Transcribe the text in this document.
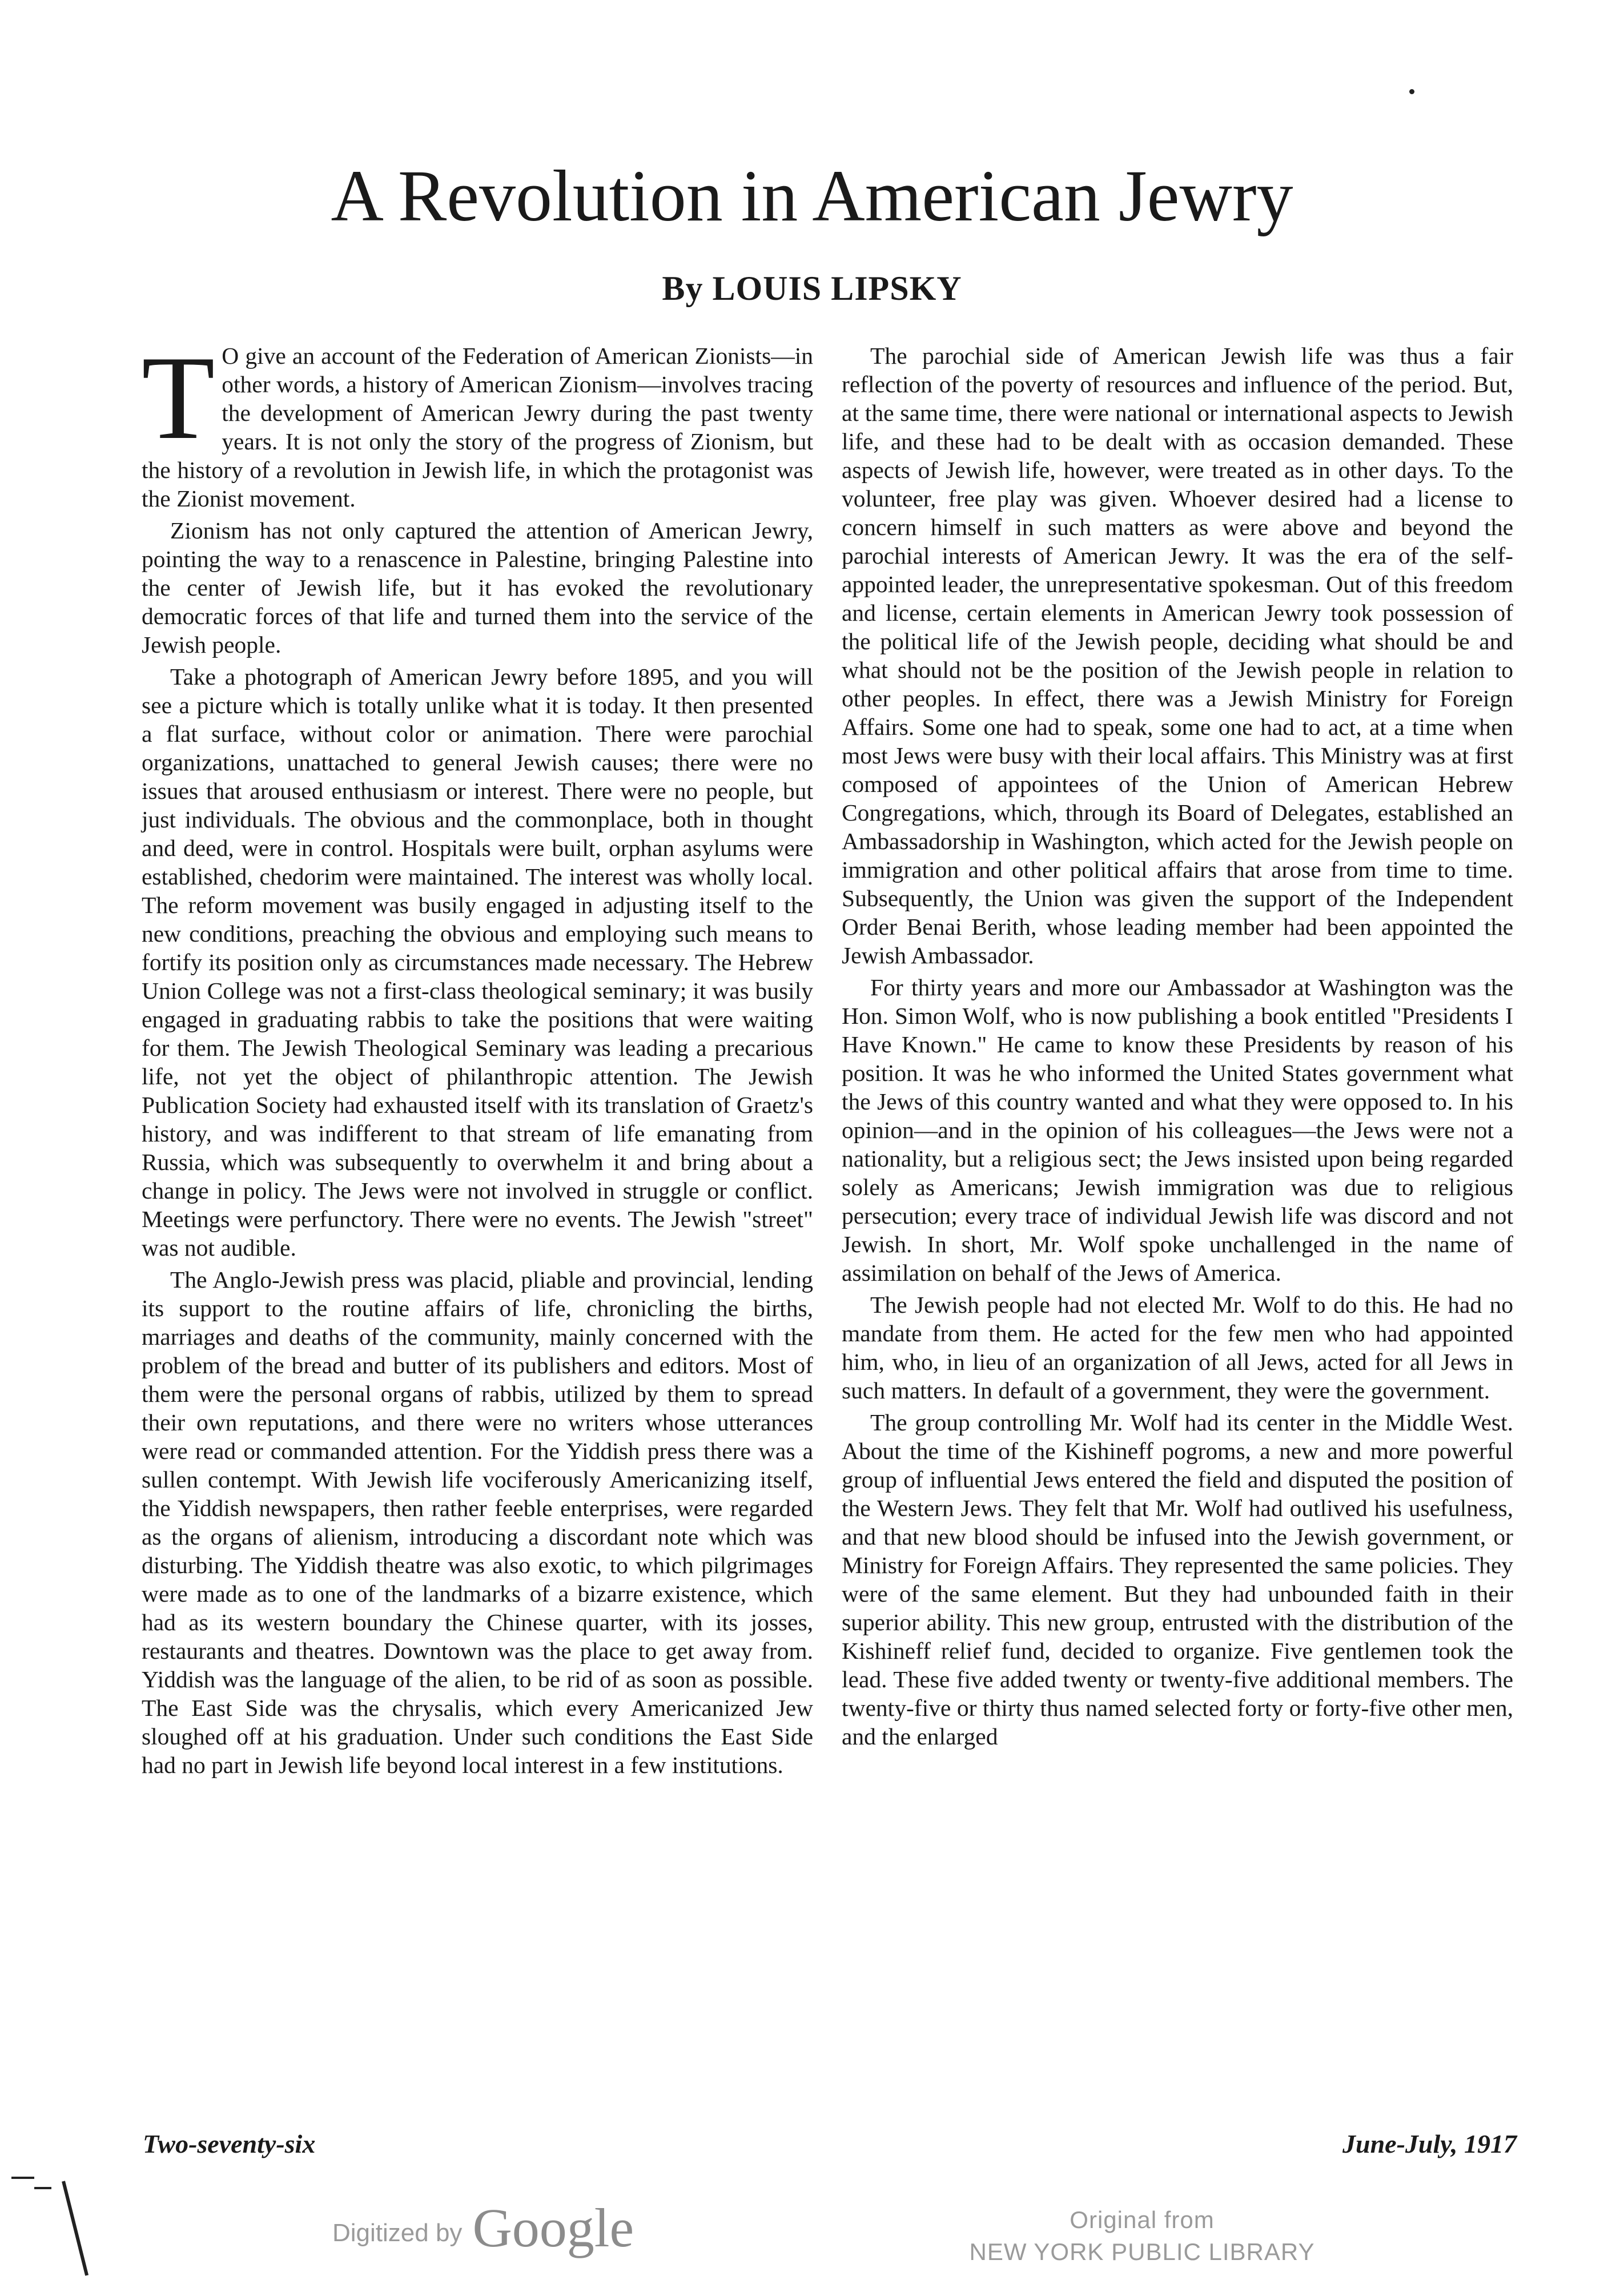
A Revolution in American Jewry
By LOUIS LIPSKY

T O give an account of the Federation of American Zionists—in other words, a history of American Zionism—involves tracing the development of American Jewry during the past twenty years. It is not only the story of the progress of Zionism, but the history of a revolution in Jewish life, in which the protagonist was the Zionist movement.

Zionism has not only captured the attention of American Jewry, pointing the way to a renascence in Palestine, bringing Palestine into the center of Jewish life, but it has evoked the revolutionary democratic forces of that life and turned them into the service of the Jewish people.

Take a photograph of American Jewry before 1895, and you will see a picture which is totally unlike what it is today. It then presented a flat surface, without color or animation. There were parochial organizations, unattached to general Jewish causes; there were no issues that aroused enthusiasm or interest. There were no people, but just individuals. The obvious and the commonplace, both in thought and deed, were in control. Hospitals were built, orphan asylums were established, chedorim were maintained. The interest was wholly local. The reform movement was busily engaged in adjusting itself to the new conditions, preaching the obvious and employing such means to fortify its position only as circumstances made necessary. The Hebrew Union College was not a first-class theological seminary; it was busily engaged in graduating rabbis to take the positions that were waiting for them. The Jewish Theological Seminary was leading a precarious life, not yet the object of philanthropic attention. The Jewish Publication Society had exhausted itself with its translation of Graetz's history, and was indifferent to that stream of life emanating from Russia, which was subsequently to overwhelm it and bring about a change in policy. The Jews were not involved in struggle or conflict. Meetings were perfunctory. There were no events. The Jewish "street" was not audible.

The Anglo-Jewish press was placid, pliable and provincial, lending its support to the routine affairs of life, chronicling the births, marriages and deaths of the community, mainly concerned with the problem of the bread and butter of its publishers and editors. Most of them were the personal organs of rabbis, utilized by them to spread their own reputations, and there were no writers whose utterances were read or commanded attention. For the Yiddish press there was a sullen contempt. With Jewish life vociferously Americanizing itself, the Yiddish newspapers, then rather feeble enterprises, were regarded as the organs of alienism, introducing a discordant note which was disturbing. The Yiddish theatre was also exotic, to which pilgrimages were made as to one of the landmarks of a bizarre existence, which had as its western boundary the Chinese quarter, with its josses, restaurants and theatres. Downtown was the place to get away from. Yiddish was the language of the alien, to be rid of as soon as possible. The East Side was the chrysalis, which every Americanized Jew sloughed off at his graduation. Under such conditions the East Side had no part in Jewish life beyond local interest in a few institutions.

The parochial side of American Jewish life was thus a fair reflection of the poverty of resources and influence of the period. But, at the same time, there were national or international aspects to Jewish life, and these had to be dealt with as occasion demanded. These aspects of Jewish life, however, were treated as in other days. To the volunteer, free play was given. Whoever desired had a license to concern himself in such matters as were above and beyond the parochial interests of American Jewry. It was the era of the self-appointed leader, the unrepresentative spokesman. Out of this freedom and license, certain elements in American Jewry took possession of the political life of the Jewish people, deciding what should be and what should not be the position of the Jewish people in relation to other peoples. In effect, there was a Jewish Ministry for Foreign Affairs. Some one had to speak, some one had to act, at a time when most Jews were busy with their local affairs. This Ministry was at first composed of appointees of the Union of American Hebrew Congregations, which, through its Board of Delegates, established an Ambassadorship in Washington, which acted for the Jewish people on immigration and other political affairs that arose from time to time. Subsequently, the Union was given the support of the Independent Order Benai Berith, whose leading member had been appointed the Jewish Ambassador.

For thirty years and more our Ambassador at Washington was the Hon. Simon Wolf, who is now publishing a book entitled "Presidents I Have Known." He came to know these Presidents by reason of his position. It was he who informed the United States government what the Jews of this country wanted and what they were opposed to. In his opinion—and in the opinion of his colleagues—the Jews were not a nationality, but a religious sect; the Jews insisted upon being regarded solely as Americans; Jewish immigration was due to religious persecution; every trace of individual Jewish life was discord and not Jewish. In short, Mr. Wolf spoke unchallenged in the name of assimilation on behalf of the Jews of America.

The Jewish people had not elected Mr. Wolf to do this. He had no mandate from them. He acted for the few men who had appointed him, who, in lieu of an organization of all Jews, acted for all Jews in such matters. In default of a government, they were the government.

The group controlling Mr. Wolf had its center in the Middle West. About the time of the Kishineff pogroms, a new and more powerful group of influential Jews entered the field and disputed the position of the Western Jews. They felt that Mr. Wolf had outlived his usefulness, and that new blood should be infused into the Jewish government, or Ministry for Foreign Affairs. They represented the same policies. They were of the same element. But they had unbounded faith in their superior ability. This new group, entrusted with the distribution of the Kishineff relief fund, decided to organize. Five gentlemen took the lead. These five added twenty or twenty-five additional members. The twenty-five or thirty thus named selected forty or forty-five other men, and the enlarged

Two-seventy-six	June-July, 1917
Digitized by Google	Original from
NEW YORK PUBLIC LIBRARY
